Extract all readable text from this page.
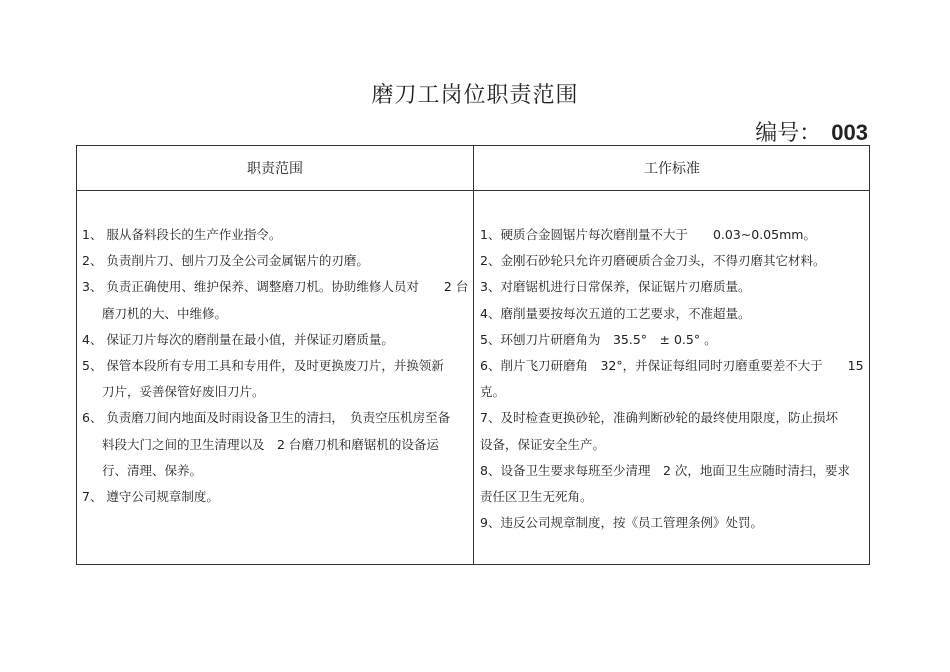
磨刀工岗位职责范围
编号： 003
职责范围	工作标准
1、 服从备料段长的生产作业指令。
2、 负责削片刀、刨片刀及全公司金属锯片的刃磨。
3、 负责正确使用、维护保养、调整磨刀机。协助维修人员对　　2 台
磨刀机的大、中维修。
4、 保证刀片每次的磨削量在最小值，并保证刃磨质量。
5、 保管本段所有专用工具和专用件，及时更换废刀片，并换领新
刀片，妥善保管好废旧刀片。
6、 负责磨刀间内地面及时雨设备卫生的清扫，　负责空压机房至备
料段大门之间的卫生清理以及　2 台磨刀机和磨锯机的设备运
行、清理、保养。
7、 遵守公司规章制度。
1、硬质合金圆锯片每次磨削量不大于　　0.03~0.05mm。
2、金刚石砂轮只允许刃磨硬质合金刀头，不得刃磨其它材料。
3、对磨锯机进行日常保养，保证锯片刃磨质量。
4、磨削量要按每次五道的工艺要求，不准超量。
5、环刨刀片研磨角为　35.5°　± 0.5° 。
6、削片飞刀研磨角　32°，并保证每组同时刃磨重要差不大于　　15
克。
7、及时检查更换砂轮，准确判断砂轮的最终使用限度，防止损坏
设备，保证安全生产。
8、设备卫生要求每班至少清理　2 次，地面卫生应随时清扫，要求
责任区卫生无死角。
9、违反公司规章制度，按《员工管理条例》处罚。
